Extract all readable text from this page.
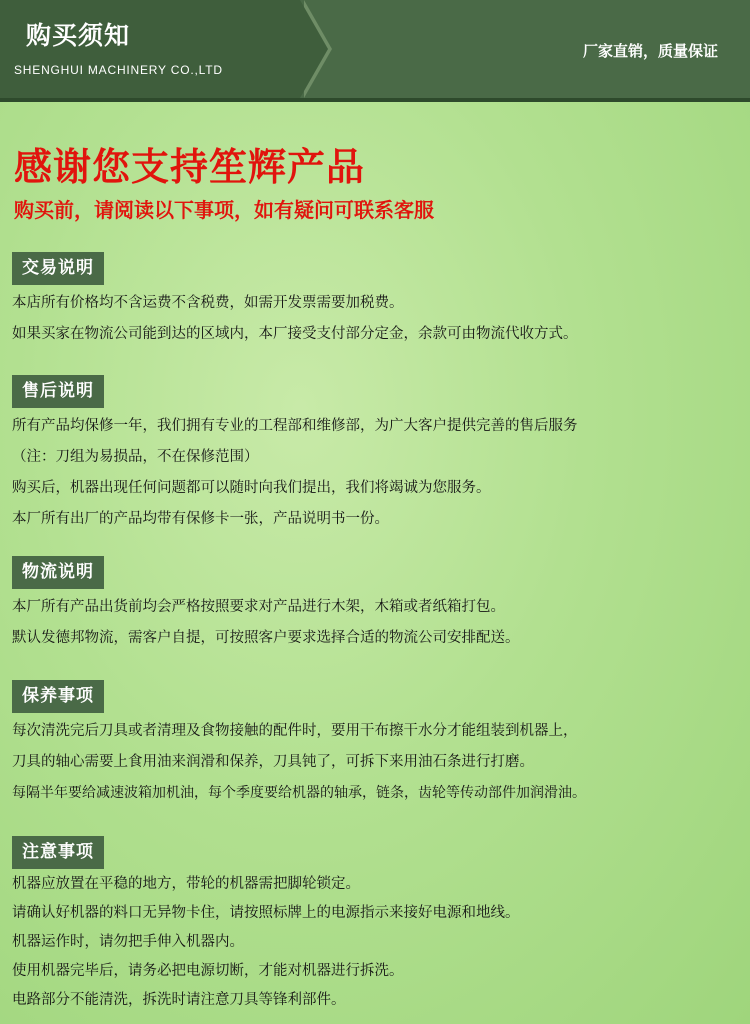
购买须知
SHENGHUI MACHINERY CO.,LTD
厂家直销，质量保证
感谢您支持笙辉产品
购买前，请阅读以下事项，如有疑问可联系客服
交易说明
本店所有价格均不含运费不含税费，如需开发票需要加税费。
如果买家在物流公司能到达的区域内，本厂接受支付部分定金，余款可由物流代收方式。
售后说明
所有产品均保修一年，我们拥有专业的工程部和维修部，为广大客户提供完善的售后服务
（注：刀组为易损品，不在保修范围）
购买后，机器出现任何问题都可以随时向我们提出，我们将竭诚为您服务。
本厂所有出厂的产品均带有保修卡一张，产品说明书一份。
物流说明
本厂所有产品出货前均会严格按照要求对产品进行木架，木箱或者纸箱打包。
默认发德邦物流，需客户自提，可按照客户要求选择合适的物流公司安排配送。
保养事项
每次清洗完后刀具或者清理及食物接触的配件时，要用干布擦干水分才能组装到机器上，
刀具的轴心需要上食用油来润滑和保养，刀具钝了，可拆下来用油石条进行打磨。
每隔半年要给减速波箱加机油，每个季度要给机器的轴承，链条，齿轮等传动部件加润滑油。
注意事项
机器应放置在平稳的地方，带轮的机器需把脚轮锁定。
请确认好机器的料口无异物卡住，请按照标牌上的电源指示来接好电源和地线。
机器运作时，请勿把手伸入机器内。
使用机器完毕后，请务必把电源切断，才能对机器进行拆洗。
电路部分不能清洗，拆洗时请注意刀具等锋利部件。
